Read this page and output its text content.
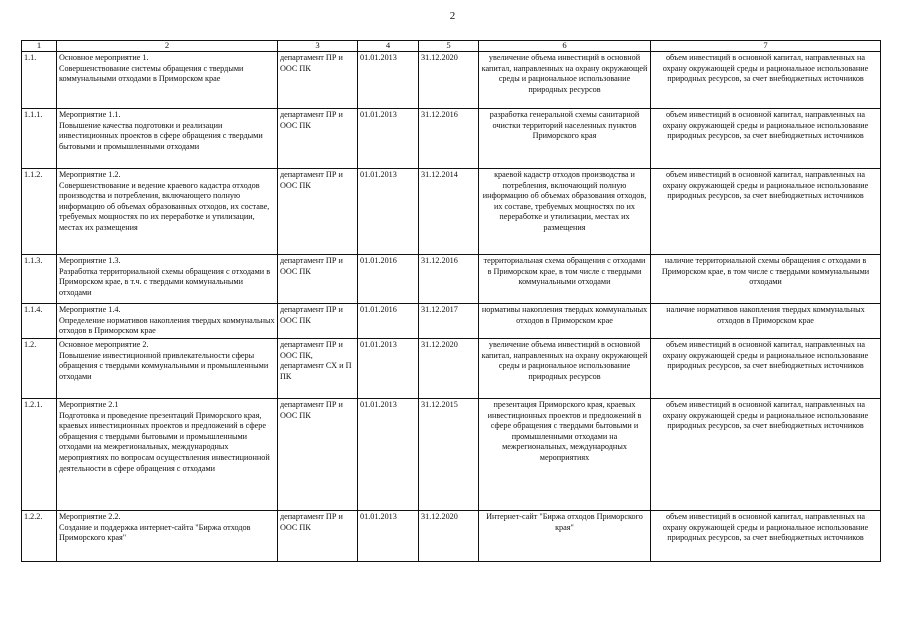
2
1	2	3	4	5	6	7
1.1.	Основное мероприятие 1.
Совершенствование системы обращения с твердыми коммунальными отходами в Приморском крае	департамент ПР и ООС ПК	01.01.2013	31.12.2020	увеличение объема инвестиций в основной капитал, направленных на охрану окружающей среды и рациональное использование природных ресурсов	объем инвестиций в основной капитал, направленных на охрану окружающей среды и рациональное использование природных ресурсов, за счет внебюджетных источников
1.1.1.	Мероприятие 1.1.
Повышение качества подготовки и реализации инвестиционных проектов в сфере обращения с твердыми бытовыми и промышленными отходами	департамент ПР и ООС ПК	01.01.2013	31.12.2016	разработка генеральной схемы санитарной очистки территорий населенных пунктов Приморского края	объем инвестиций в основной капитал, направленных на охрану окружающей среды и рациональное использование природных ресурсов, за счет внебюджетных источников
1.1.2.	Мероприятие 1.2.
Совершенствование и ведение краевого кадастра отходов производства и потребления, включающего полную информацию об объемах образованных отходов, их составе, требуемых мощностях по их переработке и утилизации, местах их размещения	департамент ПР и ООС ПК	01.01.2013	31.12.2014	краевой кадастр отходов производства и потребления, включающий полную информацию об объемах образования отходов, их составе, требуемых мощностях по их переработке и утилизации, местах их размещения	объем инвестиций в основной капитал, направленных на охрану окружающей среды и рациональное использование природных ресурсов, за счет внебюджетных источников
1.1.3.	Мероприятие 1.3.
Разработка территориальной схемы обращения с отходами в Приморском крае, в т.ч. с твердыми коммунальными отходами	департамент ПР и ООС ПК	01.01.2016	31.12.2016	территориальная схема обращения с отходами в Приморском крае, в том числе с твердыми коммунальными отходами	наличие территориальной схемы обращения с отходами в Приморском крае, в том числе с твердыми коммунальными отходами
1.1.4.	Мероприятие 1.4.
Определение нормативов накопления твердых коммунальных отходов в Приморском крае	департамент ПР и ООС ПК	01.01.2016	31.12.2017	нормативы накопления твердых коммунальных отходов в Приморском крае	наличие нормативов накопления твердых коммунальных отходов в Приморском крае
1.2.	Основное мероприятие 2.
Повышение инвестиционной привлекательности сферы обращения с твердыми коммунальными и промышленными отходами	департамент ПР и ООС ПК, департамент СХ и П ПК	01.01.2013	31.12.2020	увеличение объема инвестиций в основной капитал, направленных на охрану окружающей среды и рациональное использование природных ресурсов	объем инвестиций в основной капитал, направленных на охрану окружающей среды и рациональное использование природных ресурсов, за счет внебюджетных источников
1.2.1.	Мероприятие 2.1
Подготовка и проведение презентаций Приморского края, краевых инвестиционных проектов и предложений в сфере обращения с твердыми бытовыми и промышленными отходами на межрегиональных, международных мероприятиях по вопросам осуществления инвестиционной деятельности в сфере обращения с отходами	департамент ПР и ООС ПК	01.01.2013	31.12.2015	презентация Приморского края, краевых инвестиционных проектов и предложений в сфере обращения с твердыми бытовыми и промышленными отходами на межрегиональных, международных мероприятиях	объем инвестиций в основной капитал, направленных на охрану окружающей среды и рациональное использование природных ресурсов, за счет внебюджетных источников
1.2.2.	Мероприятие 2.2.
Создание и поддержка интернет-сайта "Биржа отходов Приморского края"	департамент ПР и ООС ПК	01.01.2013	31.12.2020	Интернет-сайт "Биржа отходов Приморского края"	объем инвестиций в основной капитал, направленных на охрану окружающей среды и рациональное использование природных ресурсов, за счет внебюджетных источников
